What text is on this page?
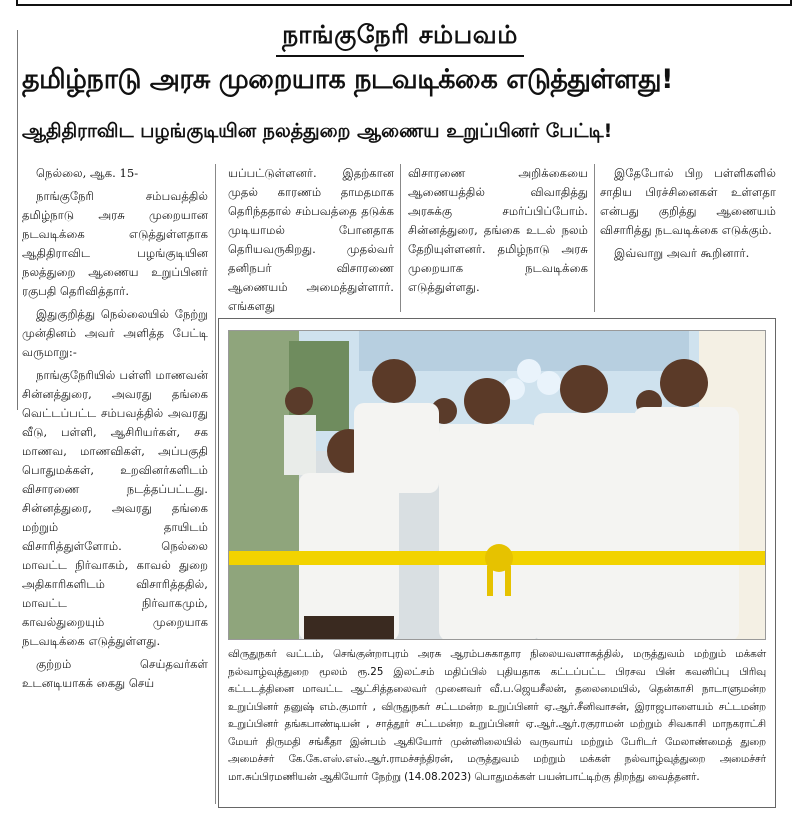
நாங்குநேரி சம்பவம்
தமிழ்நாடு அரசு முறையாக நடவடிக்கை எடுத்துள்ளது!
ஆதிதிராவிட பழங்குடியின நலத்துறை ஆணைய உறுப்பினர் பேட்டி!

நெல்லை, ஆக. 15-

நாங்குநேரி சம்பவத்தில் தமிழ்நாடு அரசு முறையான நடவடிக்கை எடுத்துள்ளதாக ஆதிதிராவிட பழங்குடியின நலத்துறை ஆணைய உறுப்பினர் ரகுபதி தெரிவித்தார்.

இதுகுறித்து நெல்லையில் நேற்று முன்தினம் அவர் அளித்த பேட்டி வருமாறு:-

நாங்குநேரியில் பள்ளி மாணவன் சின்னத்துரை, அவரது தங்கை வெட்டப்பட்ட சம்பவத்தில் அவரது வீடு, பள்ளி, ஆசிரியர்கள், சக மாணவ, மாணவிகள், அப்பகுதி பொதுமக்கள், உறவினர்களிடம் விசாரணை நடத்தப்பட்டது. சின்னத்துரை, அவரது தங்கை மற்றும் தாயிடம் விசாரித்துள்ளோம். நெல்லை மாவட்ட நிர்வாகம், காவல் துறை அதிகாரிகளிடம் விசாரித்ததில், மாவட்ட நிர்வாகமும், காவல்துறையும் முறையாக நடவடிக்கை எடுத்துள்ளது.

குற்றம் செய்தவர்கள் உடனடியாகக் கைது செய்

யப்பட்டுள்ளனர். இதற்கான முதல் காரணம் தாமதமாக தெரிந்ததால் சம்பவத்தை தடுக்க முடியாமல் போனதாக தெரியவருகிறது. முதல்வர் தனிநபர் விசாரணை ஆணையம் அமைத்துள்ளார். எங்களது

விசாரணை அறிக்கையை ஆணையத்தில் விவாதித்து அரசுக்கு சமர்ப்பிப்போம். சின்னத்துரை, தங்கை உடல் நலம் தேறியுள்ளனர். தமிழ்நாடு அரசு முறையாக நடவடிக்கை எடுத்துள்ளது.

இதேபோல் பிற பள்ளிகளில் சாதிய பிரச்சினைகள் உள்ளதா என்பது குறித்து ஆணையம் விசாரித்து நடவடிக்கை எடுக்கும்.

இவ்வாறு அவர் கூறினார்.

விருதுநகர் வட்டம், செங்குன்றாபுரம் அரசு ஆரம்பசுகாதார நிலையவளாகத்தில், மருத்துவம் மற்றும் மக்கள் நல்வாழ்வுத்துறை மூலம் ரூ.25 இலட்சம் மதிப்பில் புதியதாக கட்டப்பட்ட பிரசவ பின் கவனிப்பு பிரிவு கட்டடத்தினை மாவட்ட ஆட்சித்தலைவர் முனைவர் வீ.ப.ஜெயசீலன், தலைமையில், தென்காசி நாடாளுமன்ற உறுப்பினர் தனுஷ் எம்.குமார் , விருதுநகர் சட்டமன்ற உறுப்பினர் ஏ.ஆர்.சீனிவாசன், இராஜபாளையம் சட்டமன்ற உறுப்பினர் தங்கபாண்டியன் , சாத்தூர் சட்டமன்ற உறுப்பினர் ஏ.ஆர்.ஆர்.ரகுராமன் மற்றும் சிவகாசி மாநகராட்சி மேயர் திருமதி சங்கீதா இன்பம் ஆகியோர் முன்னிலையில் வருவாய் மற்றும் பேரிடர் மேலாண்மைத் துறை அமைச்சர் கே.கே.எஸ்.எஸ்.ஆர்.ராமச்சந்திரன், மருத்துவம் மற்றும் மக்கள் நல்வாழ்வுத்துறை அமைச்சர் மா.சுப்பிரமணியன் ஆகியோர் நேற்று (14.08.2023) பொதுமக்கள் பயன்பாட்டிற்கு திறந்து வைத்தனர்.
